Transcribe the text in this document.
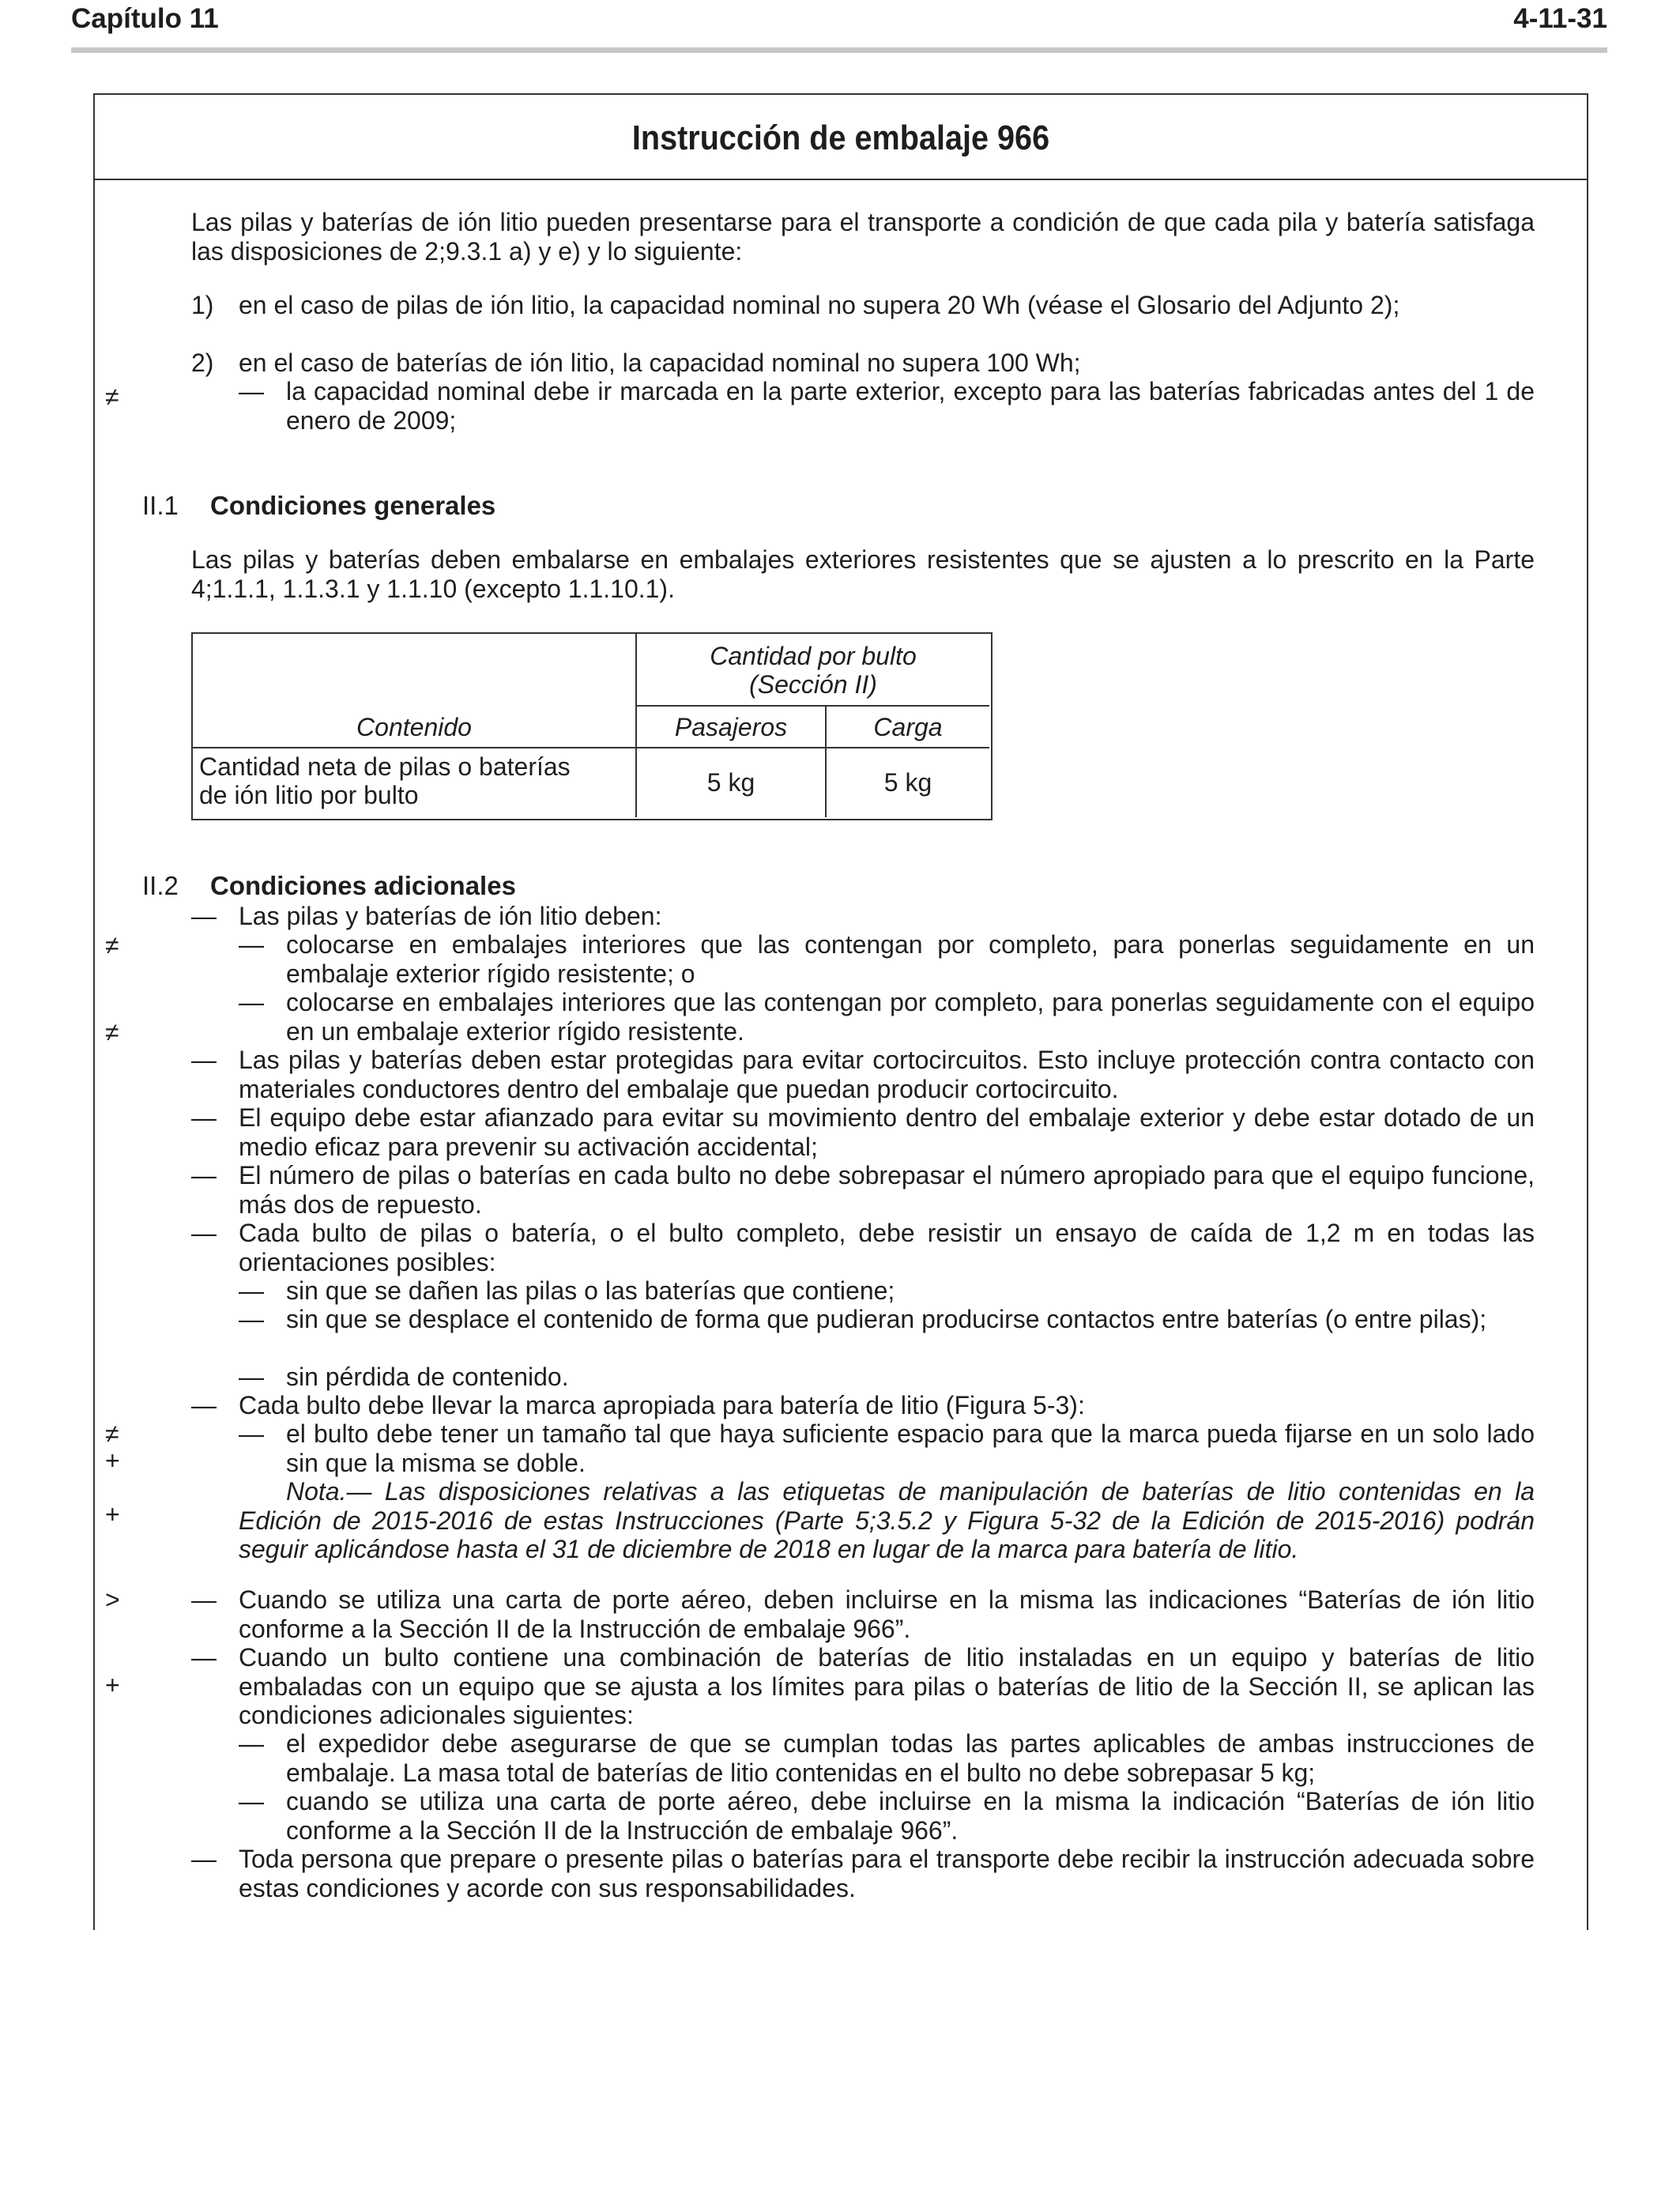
Capítulo 11	4-11-31
Instrucción de embalaje 966
≠
≠
≠
≠
+
+
>
+

Las pilas y baterías de ión litio pueden presentarse para el transporte a condición de que cada pila y batería satisfaga las disposiciones de 2;9.3.1 a) y e) y lo siguiente:

1) en el caso de pilas de ión litio, la capacidad nominal no supera 20 Wh (véase el Glosario del Adjunto 2);

2) en el caso de baterías de ión litio, la capacidad nominal no supera 100 Wh;

— la capacidad nominal debe ir marcada en la parte exterior, excepto para las baterías fabricadas antes del 1 de enero de 2009;

II.1 Condiciones generales

Las pilas y baterías deben embalarse en embalajes exteriores resistentes que se ajusten a lo prescrito en la Parte 4;1.1.1, 1.1.3.1 y 1.1.10 (excepto 1.1.10.1).

Cantidad por bulto
(Sección II)
Contenido	Pasajeros	Carga
Cantidad neta de pilas o baterías
de ión litio por bulto	5 kg	5 kg
II.2 Condiciones adicionales
— Las pilas y baterías de ión litio deben:

— colocarse en embalajes interiores que las contengan por completo, para ponerlas seguidamente en un embalaje exterior rígido resistente; o

— colocarse en embalajes interiores que las contengan por completo, para ponerlas seguidamente con el equipo en un embalaje exterior rígido resistente.

— Las pilas y baterías deben estar protegidas para evitar cortocircuitos. Esto incluye protección contra contacto con materiales conductores dentro del embalaje que puedan producir cortocircuito.

— El equipo debe estar afianzado para evitar su movimiento dentro del embalaje exterior y debe estar dotado de un medio eficaz para prevenir su activación accidental;

— El número de pilas o baterías en cada bulto no debe sobrepasar el número apropiado para que el equipo funcione, más dos de repuesto.

— Cada bulto de pilas o batería, o el bulto completo, debe resistir un ensayo de caída de 1,2 m en todas las orientaciones posibles:

— sin que se dañen las pilas o las baterías que contiene;

— sin que se desplace el contenido de forma que pudieran producirse contactos entre baterías (o entre pilas);

— sin pérdida de contenido.

— Cada bulto debe llevar la marca apropiada para batería de litio (Figura 5-3):

— el bulto debe tener un tamaño tal que haya suficiente espacio para que la marca pueda fijarse en un solo lado sin que la misma se doble.

Nota.— Las disposiciones relativas a las etiquetas de manipulación de baterías de litio contenidas en la Edición de 2015-2016 de estas Instrucciones (Parte 5;3.5.2 y Figura 5-32 de la Edición de 2015-2016) podrán seguir aplicándose hasta el 31 de diciembre de 2018 en lugar de la marca para batería de litio.

— Cuando se utiliza una carta de porte aéreo, deben incluirse en la misma las indicaciones “Baterías de ión litio conforme a la Sección II de la Instrucción de embalaje 966”.

— Cuando un bulto contiene una combinación de baterías de litio instaladas en un equipo y baterías de litio embaladas con un equipo que se ajusta a los límites para pilas o baterías de litio de la Sección II, se aplican las condiciones adicionales siguientes:

— el expedidor debe asegurarse de que se cumplan todas las partes aplicables de ambas instrucciones de embalaje. La masa total de baterías de litio contenidas en el bulto no debe sobrepasar 5 kg;

— cuando se utiliza una carta de porte aéreo, debe incluirse en la misma la indicación “Baterías de ión litio conforme a la Sección II de la Instrucción de embalaje 966”.

— Toda persona que prepare o presente pilas o baterías para el transporte debe recibir la instrucción adecuada sobre estas condiciones y acorde con sus responsabilidades.
